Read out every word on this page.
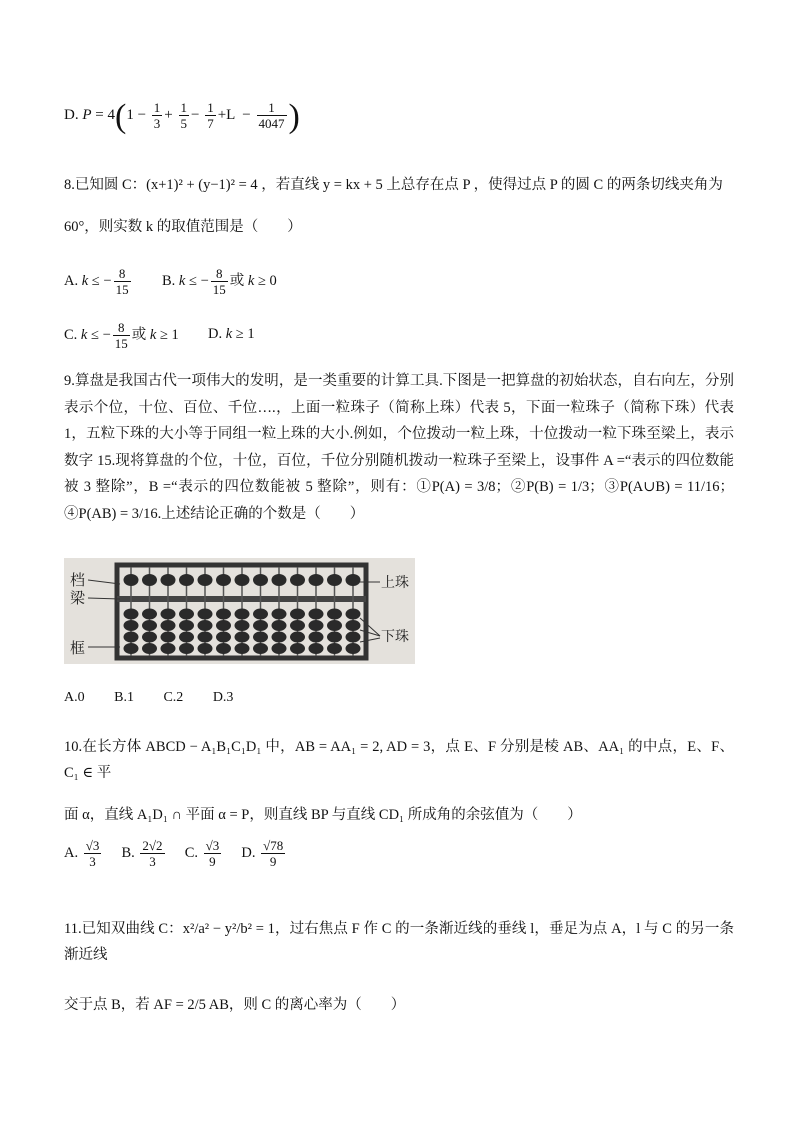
D. $P = 4(1 - \frac{1}{3} + \frac{1}{5} - \frac{1}{7} +L - \frac{1}{4047}$ )
8.已知圆 C：(x+1)² + (y−1)² = 4 ，若直线 y = kx + 5 上总存在点 P ，使得过点 P 的圆 C 的两条切线夹角为
60°，则实数 k 的取值范围是（　　）
A. k ≤ − $\frac{8}{15} B$. k ≤ − $\frac{8}{15}$ 或 k ≥ 0
C. k ≤ − $\frac{8}{15}$ 或 k ≥ 1 D. k ≥ 1
9.算盘是我国古代一项伟大的发明，是一类重要的计算工具.下图是一把算盘的初始状态，自右向左，分别表示个位，十位、百位、千位….，上面一粒珠子（简称上珠）代表 5，下面一粒珠子（简称下珠）代表 1，五粒下珠的大小等于同组一粒上珠的大小.例如，个位拨动一粒上珠，十位拨动一粒下珠至梁上，表示数字 15.现将算盘的个位，十位，百位，千位分别随机拨动一粒珠子至梁上，设事件 A =“表示的四位数能被 3 整除”，B =“表示的四位数能被 5 整除”，则有：①P(A) = 3/8；②P(B) = 1/3；③P(A∪B) = 11/16；④P(AB) = 3/16.上述结论正确的个数是（　　）
档
梁
框
上珠
下珠
A.0 B.1 C.2 D.3
10.在长方体 ABCD − A₁B₁C₁D₁ 中，AB = AA₁ = 2, AD = 3，点 E、F 分别是棱 AB、AA₁ 的中点，E、F、C₁ ∈ 平
面 α，直线 A₁D₁ ∩ 平面 α = P，则直线 BP 与直线 CD₁ 所成角的余弦值为（　　）
A. $\frac{√3}{3} B$. $\frac{2√2}{3} C$. $\frac{√3}{9} D$. $\frac{√78}{9}$
11.已知双曲线 C：x²/a² − y²/b² = 1，过右焦点 F 作 C 的一条渐近线的垂线 l，垂足为点 A，l 与 C 的另一条渐近线
交于点 B，若 AF = 2/5 AB，则 C 的离心率为（　　）
